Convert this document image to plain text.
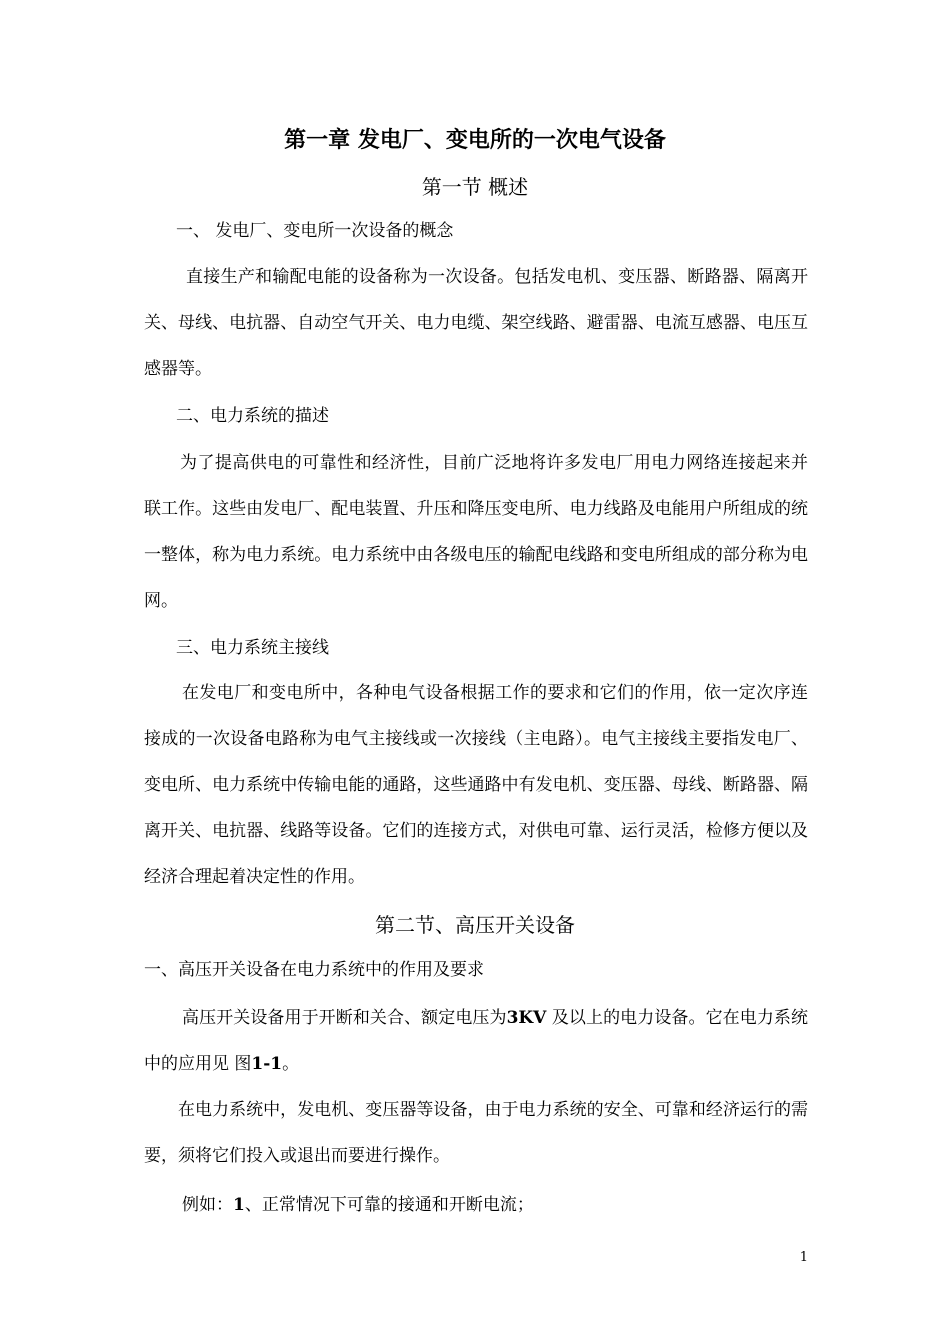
第一章 发电厂、变电所的一次电气设备
第一节 概述
一、 发电厂、变电所一次设备的概念
直接生产和输配电能的设备称为一次设备。包括发电机、变压器、断路器、隔离开关、母线、电抗器、自动空气开关、电力电缆、架空线路、避雷器、电流互感器、电压互感器等。
二、电力系统的描述
为了提高供电的可靠性和经济性，目前广泛地将许多发电厂用电力网络连接起来并联工作。这些由发电厂、配电装置、升压和降压变电所、电力线路及电能用户所组成的统一整体，称为电力系统。电力系统中由各级电压的输配电线路和变电所组成的部分称为电网。
三、电力系统主接线
在发电厂和变电所中，各种电气设备根据工作的要求和它们的作用，依一定次序连接成的一次设备电路称为电气主接线或一次接线（主电路）。电气主接线主要指发电厂、变电所、电力系统中传输电能的通路，这些通路中有发电机、变压器、母线、断路器、隔离开关、电抗器、线路等设备。它们的连接方式，对供电可靠、运行灵活，检修方便以及经济合理起着决定性的作用。
第二节、高压开关设备
一、高压开关设备在电力系统中的作用及要求
高压开关设备用于开断和关合、额定电压为3KV 及以上的电力设备。它在电力系统中的应用见 图1-1。
在电力系统中，发电机、变压器等设备，由于电力系统的安全、可靠和经济运行的需要，须将它们投入或退出而要进行操作。
例如：1、正常情况下可靠的接通和开断电流；
1
